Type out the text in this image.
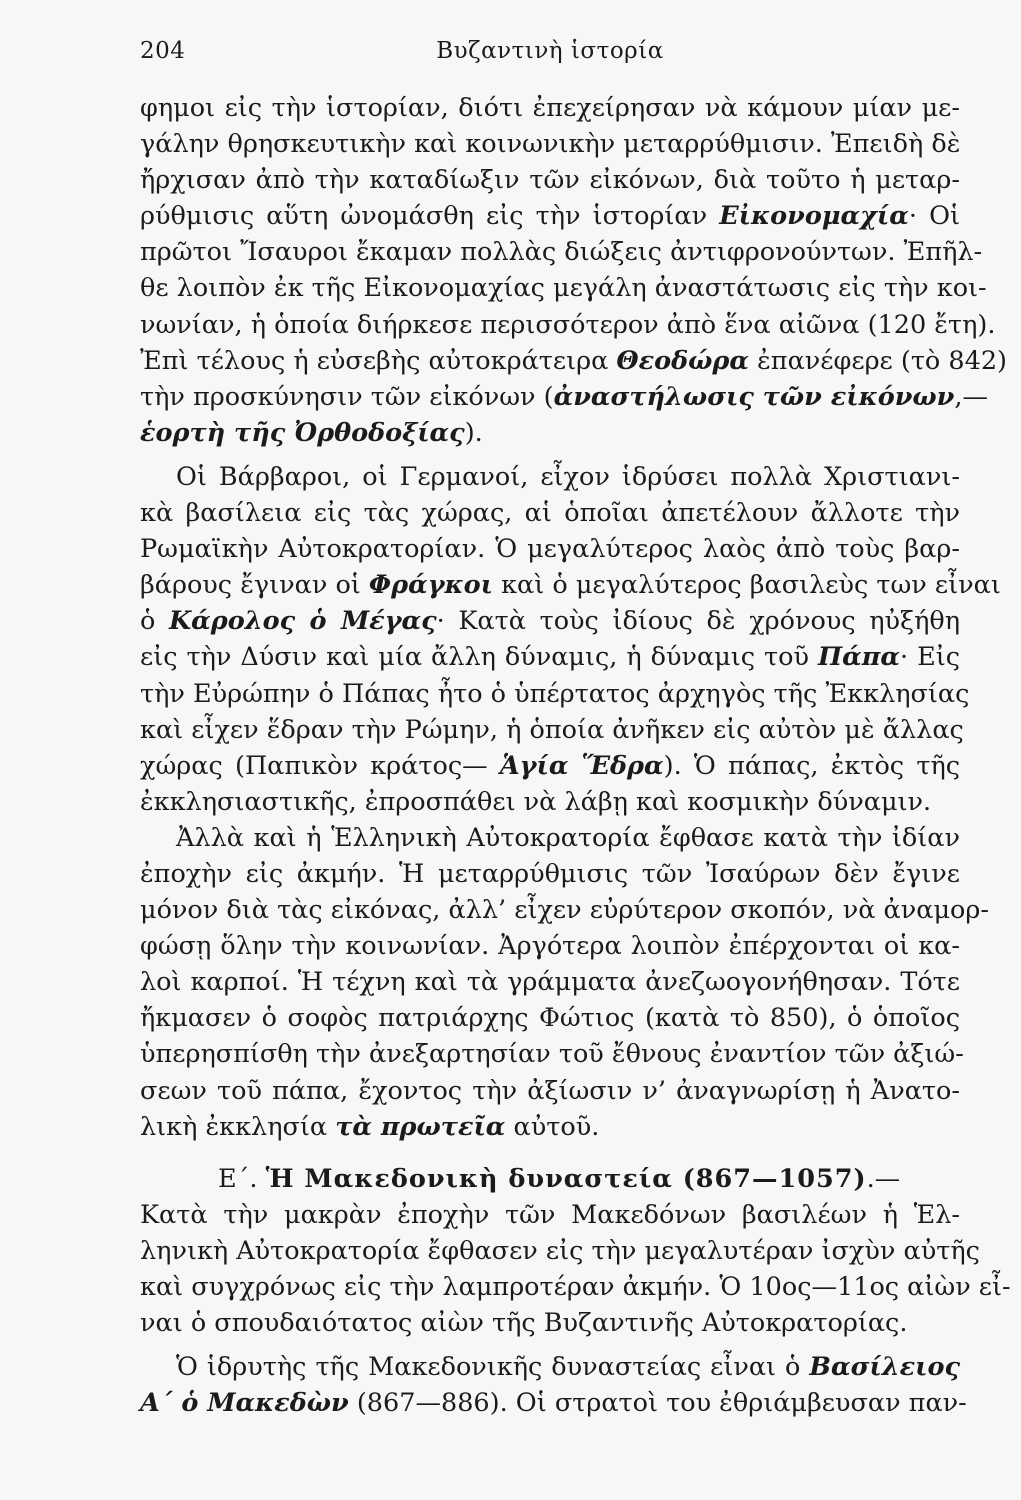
204	Βυζαντινὴ ἱστορία
φημοι εἰς τὴν ἱστορίαν, διότι ἐπεχείρησαν νὰ κάμουν μίαν με-
γάλην θρησκευτικὴν καὶ κοινωνικὴν μεταρρύθμισιν. Ἐπειδὴ δὲ
ἤρχισαν ἀπὸ τὴν καταδίωξιν τῶν εἰκόνων, διὰ τοῦτο ἡ μεταρ-
ρύθμισις αὕτη ὠνομάσθη εἰς τὴν ἱστορίαν Εἰκονομαχία· Οἱ
πρῶτοι Ἴσαυροι ἔκαμαν πολλὰς διώξεις ἀντιφρονούντων. Ἐπῆλ-
θε λοιπὸν ἐκ τῆς Εἰκονομαχίας μεγάλη ἀναστάτωσις εἰς τὴν κοι-
νωνίαν, ἡ ὁποία διήρκεσε περισσότερον ἀπὸ ἕνα αἰῶνα (120 ἔτη).
Ἐπὶ τέλους ἡ εὐσεβὴς αὐτοκράτειρα Θεοδώρα ἐπανέφερε (τὸ 842)
τὴν προσκύνησιν τῶν εἰκόνων (ἀναστήλωσις τῶν εἰκόνων,—
ἑορτὴ τῆς Ὀρθοδοξίας).
Οἱ Βάρβαροι, οἱ Γερμανοί, εἶχον ἱδρύσει πολλὰ Χριστιανι-
κὰ βασίλεια εἰς τὰς χώρας, αἱ ὁποῖαι ἀπετέλουν ἄλλοτε τὴν
Ρωμαϊκὴν Αὐτοκρατορίαν. Ὁ μεγαλύτερος λαὸς ἀπὸ τοὺς βαρ-
βάρους ἔγιναν οἱ Φράγκοι καὶ ὁ μεγαλύτερος βασιλεὺς των εἶναι
ὁ Κάρολος ὁ Μέγας· Κατὰ τοὺς ἰδίους δὲ χρόνους ηὐξήθη
εἰς τὴν Δύσιν καὶ μία ἄλλη δύναμις, ἡ δύναμις τοῦ Πάπα· Εἰς
τὴν Εὐρώπην ὁ Πάπας ἦτο ὁ ὑπέρτατος ἀρχηγὸς τῆς Ἐκκλησίας
καὶ εἶχεν ἕδραν τὴν Ρώμην, ἡ ὁποία ἀνῆκεν εἰς αὐτὸν μὲ ἄλλας
χώρας (Παπικὸν κράτος— Ἁγία Ἕδρα). Ὁ πάπας, ἐκτὸς τῆς
ἐκκλησιαστικῆς, ἐπροσπάθει νὰ λάβῃ καὶ κοσμικὴν δύναμιν.
Ἀλλὰ καὶ ἡ Ἑλληνικὴ Αὐτοκρατορία ἔφθασε κατὰ τὴν ἰδίαν
ἐποχὴν εἰς ἀκμήν. Ἡ μεταρρύθμισις τῶν Ἰσαύρων δὲν ἔγινε
μόνον διὰ τὰς εἰκόνας, ἀλλ’ εἶχεν εὐρύτερον σκοπόν, νὰ ἀναμορ-
φώσῃ ὅλην τὴν κοινωνίαν. Ἀργότερα λοιπὸν ἐπέρχονται οἱ κα-
λοὶ καρποί. Ἡ τέχνη καὶ τὰ γράμματα ἀνεζωογονήθησαν. Τότε
ἤκμασεν ὁ σοφὸς πατριάρχης Φώτιος (κατὰ τὸ 850), ὁ ὁποῖος
ὑπερησπίσθη τὴν ἀνεξαρτησίαν τοῦ ἔθνους ἐναντίον τῶν ἀξιώ-
σεων τοῦ πάπα, ἔχοντος τὴν ἀξίωσιν ν’ ἀναγνωρίσῃ ἡ Ἀνατο-
λικὴ ἐκκλησία τὰ πρωτεῖα αὐτοῦ.
Ε΄. Ἡ Μακεδονικὴ δυναστεία (867—1057).—
Κατὰ τὴν μακρὰν ἐποχὴν τῶν Μακεδόνων βασιλέων ἡ Ἑλ-
ληνικὴ Αὐτοκρατορία ἔφθασεν εἰς τὴν μεγαλυτέραν ἰσχὺν αὐτῆς
καὶ συγχρόνως εἰς τὴν λαμπροτέραν ἀκμήν. Ὁ 10ος—11ος αἰὼν εἶ-
ναι ὁ σπουδαιότατος αἰὼν τῆς Βυζαντινῆς Αὐτοκρατορίας.
Ὁ ἱδρυτὴς τῆς Μακεδονικῆς δυναστείας εἶναι ὁ Βασίλειος
Α΄ ὁ Μακεδὼν (867—886). Οἱ στρατοὶ του ἐθριάμβευσαν παν-
